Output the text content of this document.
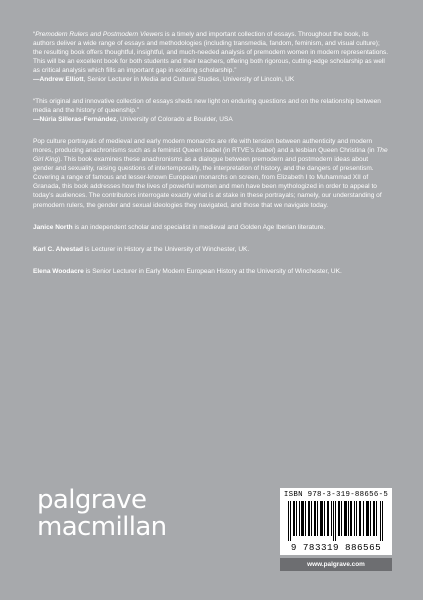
“Premodern Rulers and Postmodern Viewers is a timely and important collection of essays. Throughout the book, its authors deliver a wide range of essays and methodologies (including transmedia, fandom, feminism, and visual culture); the resulting book offers thoughtful, insightful, and much-needed analysis of premodern women in modern representations. This will be an excellent book for both students and their teachers, offering both rigorous, cutting-edge scholarship as well as critical analysis which fills an important gap in existing scholarship.”
—Andrew Elliott, Senior Lecturer in Media and Cultural Studies, University of Lincoln, UK

“This original and innovative collection of essays sheds new light on enduring questions and on the relationship between media and the history of queenship.”
—Núria Silleras-Fernández, University of Colorado at Boulder, USA

Pop culture portrayals of medieval and early modern monarchs are rife with tension between authenticity and modern mores, producing anachronisms such as a feminist Queen Isabel (in RTVE’s Isabel) and a lesbian Queen Christina (in The Girl King). This book examines these anachronisms as a dialogue between premodern and postmodern ideas about gender and sexuality, raising questions of intertemporality, the interpretation of history, and the dangers of presentism. Covering a range of famous and lesser-known European monarchs on screen, from Elizabeth I to Muhammad XII of Granada, this book addresses how the lives of powerful women and men have been mythologized in order to appeal to today’s audiences. The contributors interrogate exactly what is at stake in these portrayals; namely, our understanding of premodern rulers, the gender and sexual ideologies they navigated, and those that we navigate today.

Janice North is an independent scholar and specialist in medieval and Golden Age Iberian literature.

Karl C. Alvestad is Lecturer in History at the University of Winchester, UK.

Elena Woodacre is Senior Lecturer in Early Modern European History at the University of Winchester, UK.

palgrave
macmillan
ISBN 978-3-319-88656-5
9 783319 886565
www.palgrave.com
